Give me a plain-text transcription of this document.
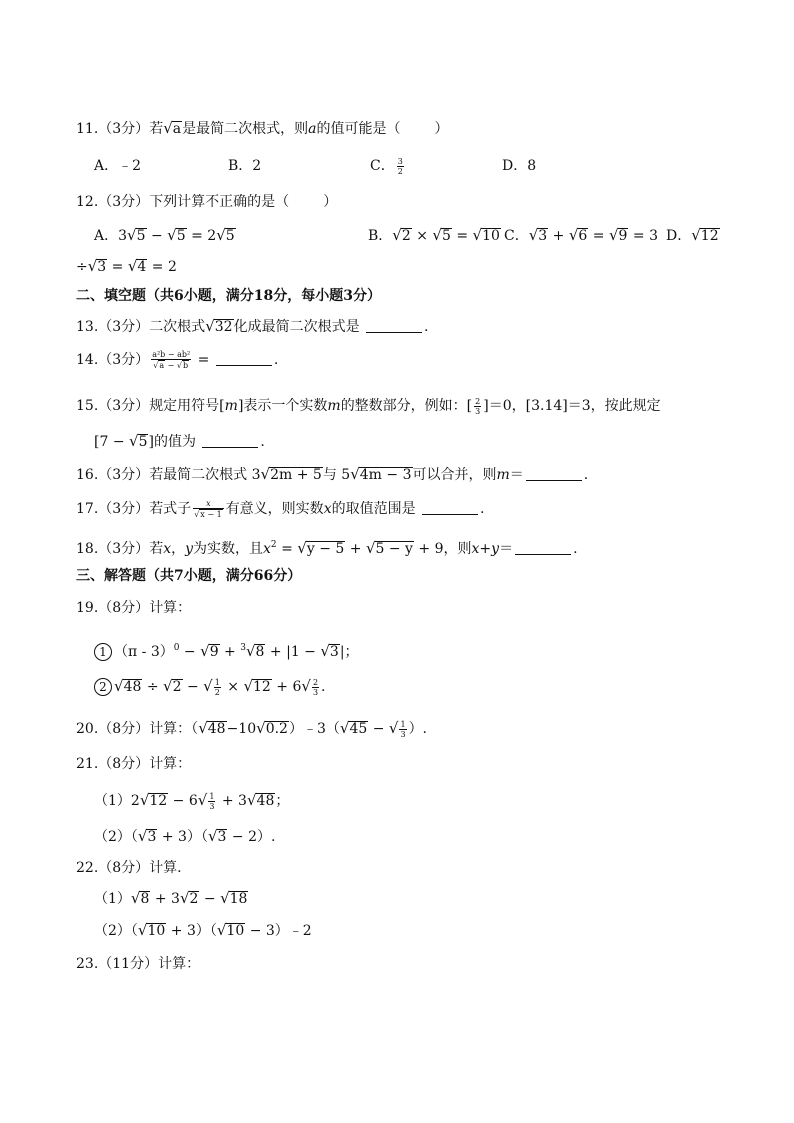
11.（3分）若√a是最简二次根式，则a的值可能是（ ）
A．﹣2	B．2	C． $\frac{3}{2}$	D．8
12.（3分）下列计算不正确的是（ ）
A．3√5 − √5 = 2√5	B．√2 × √5 = √10 C．√3 + √6 = √9 = 3 D．√12
÷√3 = √4 = 2
二、填空题（共6小题，满分18分，每小题3分）
13.（3分）二次根式√32化成最简二次根式是	.
14.（3分） $\frac{\text{a²b − ab²}}{√a - √b}$ =	.
15.（3分）规定用符号[m]表示一个实数m的整数部分，例如：[ $\frac{2}{3} ]=0$，[3.14]＝3，按此规定
[7 − √5]的值为	.
16.（3分）若最简二次根式 3√2m + 5与 5√4m − 3可以合并，则m＝	.
17.（3分）若式子 $\frac{x}{√x - 1}$ 有意义，则实数x的取值范围是	.
18.（3分）若x，y为实数，且$x^2 = √y - 5 + √5 - y + 9$，则x+y＝	.
三、解答题（共7小题，满分66分）
19.（8分）计算：
1 （π - 3）$^0$ − √9 + $^3$√8 + |1 − √3|；
2 √48 ÷ √2 − √ $\frac{1}{2} \times √12 + 6√ \frac{2}{3}$ .
20.（8分）计算：（√48−10√0.2）﹣3（√45 − √ $\frac{1}{3}$ ）.
21.（8分）计算：
$(1)2√12 - 6√ \frac{1}{3} + 3√48$；
（2）（√3 + 3）（√3 − 2）.
22.（8分）计算.
（1）√8 + 3√2 − √18
（2）（√10 + 3）（√10 − 3）﹣2
23.（11分）计算：
